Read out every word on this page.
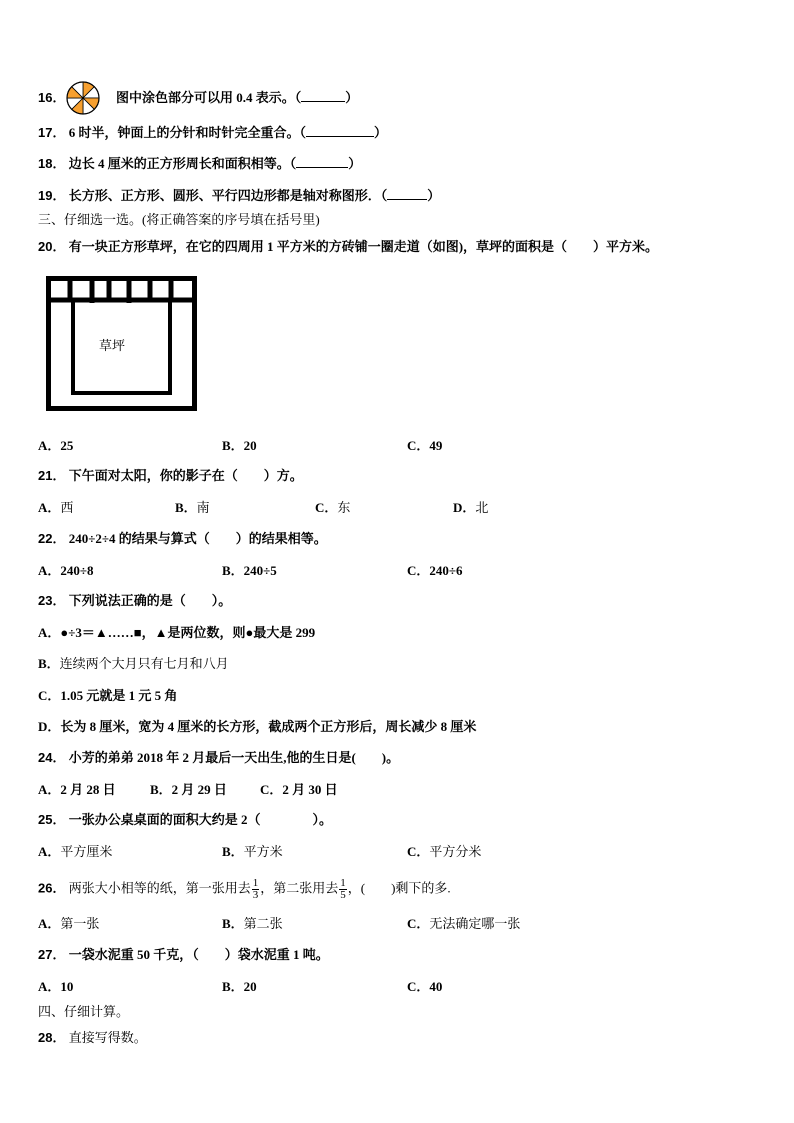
16．	图中涂色部分可以用 0.4 表示。（	）
17． 6 时半，钟面上的分针和时针完全重合。（	）
18． 边长 4 厘米的正方形周长和面积相等。（	）
19． 长方形、正方形、圆形、平行四边形都是轴对称图形．（	）
三、仔细选一选。(将正确答案的序号填在括号里)
20． 有一块正方形草坪，在它的四周用 1 平方米的方砖铺一圈走道（如图)，草坪的面积是（　　）平方米。
草坪
A．25	B．20	C．49
21． 下午面对太阳，你的影子在（　　）方。
A．西	B．南	C．东	D．北
22． 240÷2÷4 的结果与算式（　　）的结果相等。
A．240÷8	B．240÷5	C．240÷6
23． 下列说法正确的是（　　）。
A．●÷3＝▲……■，▲是两位数，则●最大是 299
B．连续两个大月只有七月和八月
C．1.05 元就是 1 元 5 角
D．长为 8 厘米，宽为 4 厘米的长方形，截成两个正方形后，周长减少 8 厘米
24． 小芳的弟弟 2018 年 2 月最后一天出生,他的生日是(　　)。
A．2 月 28 日	B．2 月 29 日	C．2 月 30 日
25． 一张办公桌桌面的面积大约是 2（　　　　）。
A．平方厘米	B．平方米	C．平方分米
26． 两张大小相等的纸，第一张用去 $\frac{1}{3}$ ，第二张用去 $\frac{1}{5}$ ，(　　)剩下的多.
A．第一张	B．第二张	C．无法确定哪一张
27． 一袋水泥重 50 千克，（　　）袋水泥重 1 吨。
A．10	B．20	C．40
四、仔细计算。
28． 直接写得数。
